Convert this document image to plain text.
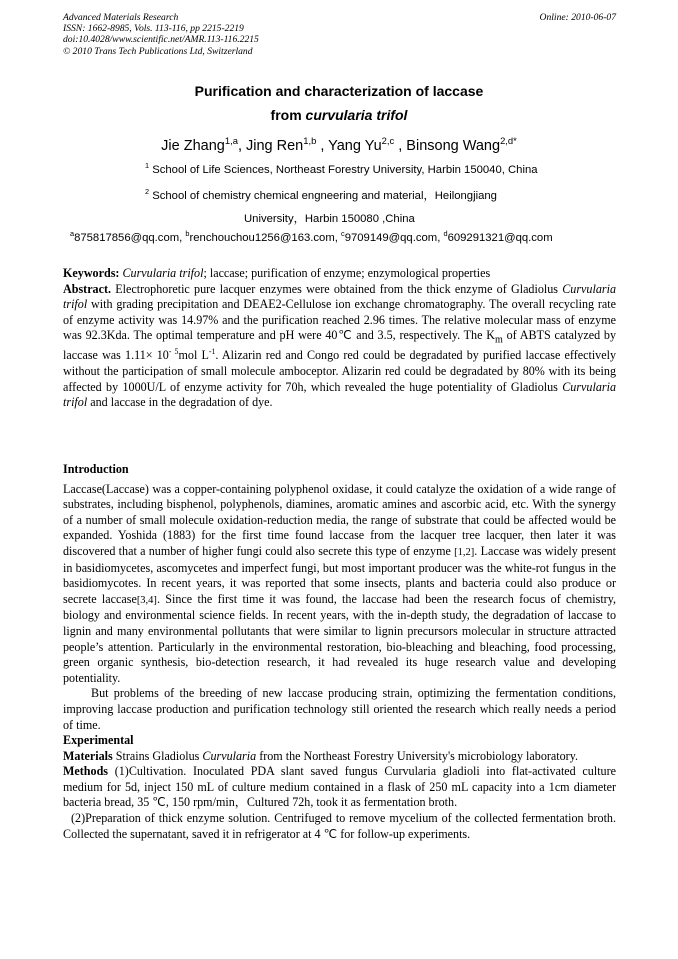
Advanced Materials Research
ISSN: 1662-8985, Vols. 113-116, pp 2215-2219
doi:10.4028/www.scientific.net/AMR.113-116.2215
© 2010 Trans Tech Publications Ltd, Switzerland
Online: 2010-06-07
Purification and characterization of laccase
from curvularia trifol
Jie Zhang$^{1,a}$, Jing Ren$^{1,b}$ , Yang Yu$^{2,c}$ , Binsong Wang$^{2,d*}$
$^1$ School of Life Sciences, Northeast Forestry University, Harbin 150040, China
$^2$ School of chemistry chemical engneering and material，Heilongjiang
University，Harbin 150080 ,China
$^a$875817856@qq.com, $^b$renchouchou1256@163.com, $^c$9709149@qq.com, $^d$609291321@qq.com

Keywords: Curvularia trifol; laccase; purification of enzyme; enzymological properties

Abstract. Electrophoretic pure lacquer enzymes were obtained from the thick enzyme of Gladiolus Curvularia trifol with grading precipitation and DEAE2-Cellulose ion exchange chromatography. The overall recycling rate of enzyme activity was 14.97% and the purification reached 2.96 times. The relative molecular mass of enzyme was 92.3Kda. The optimal temperature and pH were 40℃ and 3.5, respectively. The $K_m$ of ABTS catalyzed by laccase was $1.11\times 10^{- 5}mol$ $L^{-1}$. Alizarin red and Congo red could be degradated by purified laccase effectively without the participation of small molecule amboceptor. Alizarin red could be degradated by 80% with its being affected by 1000U/L of enzyme activity for 70h, which revealed the huge potentiality of Gladiolus Curvularia trifol and laccase in the degradation of dye.

Introduction

Laccase(Laccase) was a copper-containing polyphenol oxidase, it could catalyze the oxidation of a wide range of substrates, including bisphenol, polyphenols, diamines, aromatic amines and ascorbic acid, etc. With the synergy of a number of small molecule oxidation-reduction media, the range of substrate that could be affected would be expanded. Yoshida (1883) for the first time found laccase from the lacquer tree lacquer, then later it was discovered that a number of higher fungi could also secrete this type of enzyme [1,2]. Laccase was widely present in basidiomycetes, ascomycetes and imperfect fungi, but most important producer was the white-rot fungus in the basidiomycotes. In recent years, it was reported that some insects, plants and bacteria could also produce or secrete laccase[3,4]. Since the first time it was found, the laccase had been the research focus of chemistry, biology and environmental science fields. In recent years, with the in-depth study, the degradation of laccase to lignin and many environmental pollutants that were similar to lignin precursors molecular in structure attracted people’s attention. Particularly in the environmental restoration, bio-bleaching and bleaching, food processing, green organic synthesis, bio-detection research, it had revealed its huge research value and developing potentiality.

But problems of the breeding of new laccase producing strain, optimizing the fermentation conditions, improving laccase production and purification technology still oriented the research which really needs a period of time.

Experimental

Materials Strains Gladiolus Curvularia from the Northeast Forestry University's microbiology laboratory.

Methods (1)Cultivation. Inoculated PDA slant saved fungus Curvularia gladioli into flat-activated culture medium for 5d, inject 150 mL of culture medium contained in a flask of 250 mL capacity into a 1cm diameter bacteria bread, 35 ℃, 150 rpm/min，Cultured 72h, took it as fermentation broth.

(2)Preparation of thick enzyme solution. Centrifuged to remove mycelium of the collected fermentation broth. Collected the supernatant, saved it in refrigerator at 4 ℃ for follow-up experiments.
